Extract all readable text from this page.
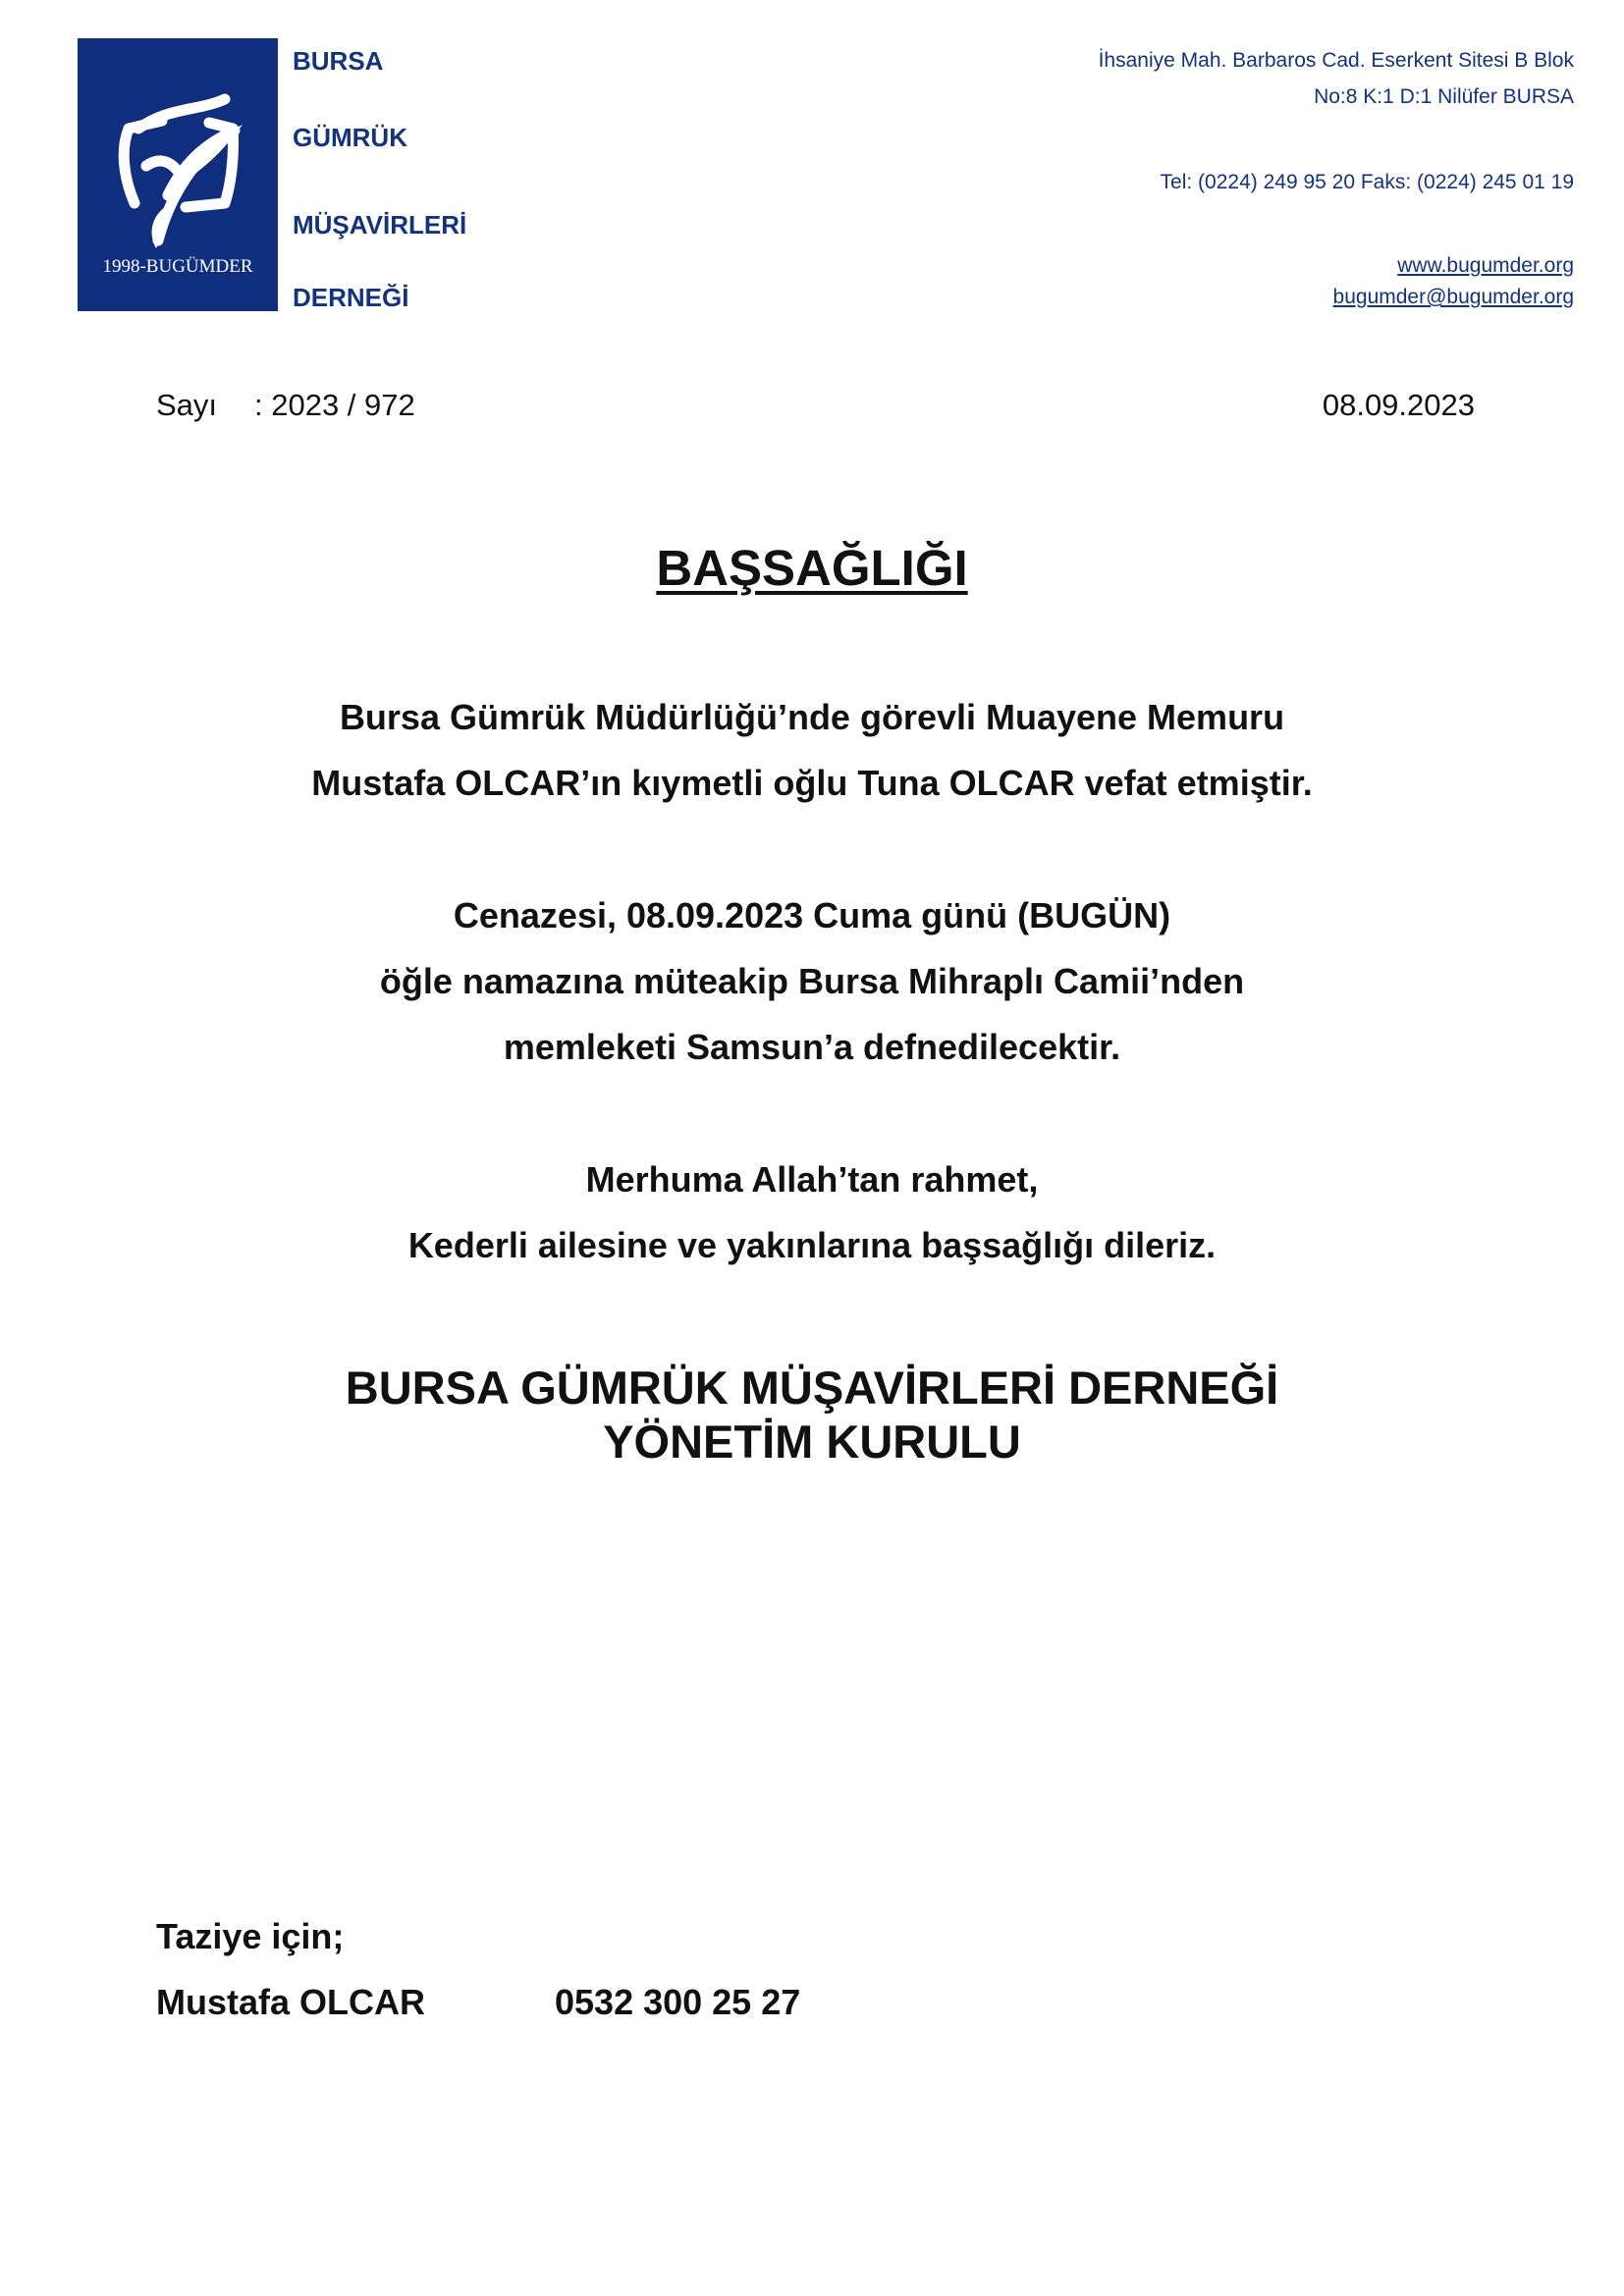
1998-BUGÜMDER
BURSA
GÜMRÜK
MÜŞAVİRLERİ
DERNEĞİ
İhsaniye Mah. Barbaros Cad. Eserkent Sitesi B Blok
No:8 K:1 D:1 Nilüfer BURSA
Tel: (0224) 249 95 20 Faks: (0224) 245 01 19
www.bugumder.org
bugumder@bugumder.org
Sayı : 2023 / 972	08.09.2023
BAŞSAĞLIĞI
Bursa Gümrük Müdürlüğü’nde görevli Muayene Memuru
Mustafa OLCAR’ın kıymetli oğlu Tuna OLCAR vefat etmiştir.
Cenazesi, 08.09.2023 Cuma günü (BUGÜN)
öğle namazına müteakip Bursa Mihraplı Camii’nden
memleketi Samsun’a defnedilecektir.
Merhuma Allah’tan rahmet,
Kederli ailesine ve yakınlarına başsağlığı dileriz.
BURSA GÜMRÜK MÜŞAVİRLERİ DERNEĞİ
YÖNETİM KURULU
Taziye için;
Mustafa OLCAR	0532 300 25 27
